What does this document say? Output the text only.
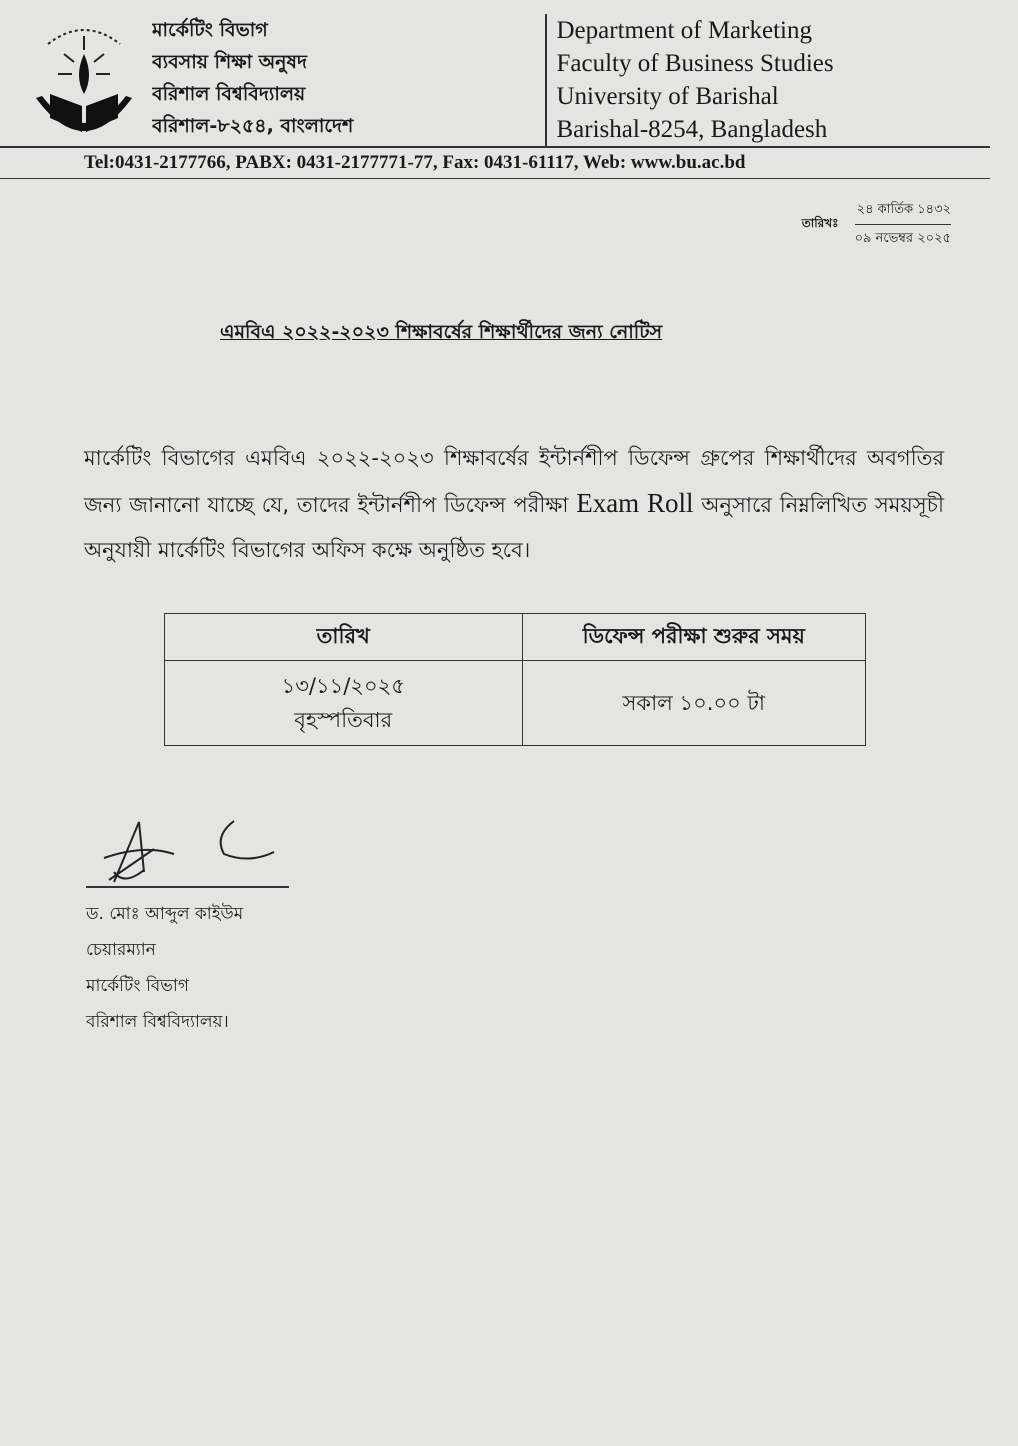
মার্কেটিং বিভাগ
ব্যবসায় শিক্ষা অনুষদ
বরিশাল বিশ্ববিদ্যালয়
বরিশাল-৮২৫৪, বাংলাদেশ
Department of Marketing
Faculty of Business Studies
University of Barishal
Barishal-8254, Bangladesh
Tel:0431-2177766, PABX: 0431-2177771-77, Fax: 0431-61117, Web: www.bu.ac.bd
তারিখঃ
২৪ কার্তিক ১৪৩২
০৯ নভেম্বর ২০২৫
এমবিএ ২০২২-২০২৩ শিক্ষাবর্ষের শিক্ষার্থীদের জন্য নোটিস
মার্কেটিং বিভাগের এমবিএ ২০২২-২০২৩ শিক্ষাবর্ষের ইন্টার্নশীপ ডিফেন্স গ্রুপের শিক্ষার্থীদের অবগতির জন্য জানানো যাচ্ছে যে, তাদের ইন্টার্নশীপ ডিফেন্স পরীক্ষা Exam Roll অনুসারে নিম্নলিখিত সময়সূচী অনুযায়ী মার্কেটিং বিভাগের অফিস কক্ষে অনুষ্ঠিত হবে।
তারিখ	ডিফেন্স পরীক্ষা শুরুর সময়

১৩/১১/২০২৫
বৃহস্পতিবার	সকাল ১০.০০ টা
ড. মোঃ আব্দুল কাইউম
চেয়ারম্যান
মার্কেটিং বিভাগ
বরিশাল বিশ্ববিদ্যালয়।
